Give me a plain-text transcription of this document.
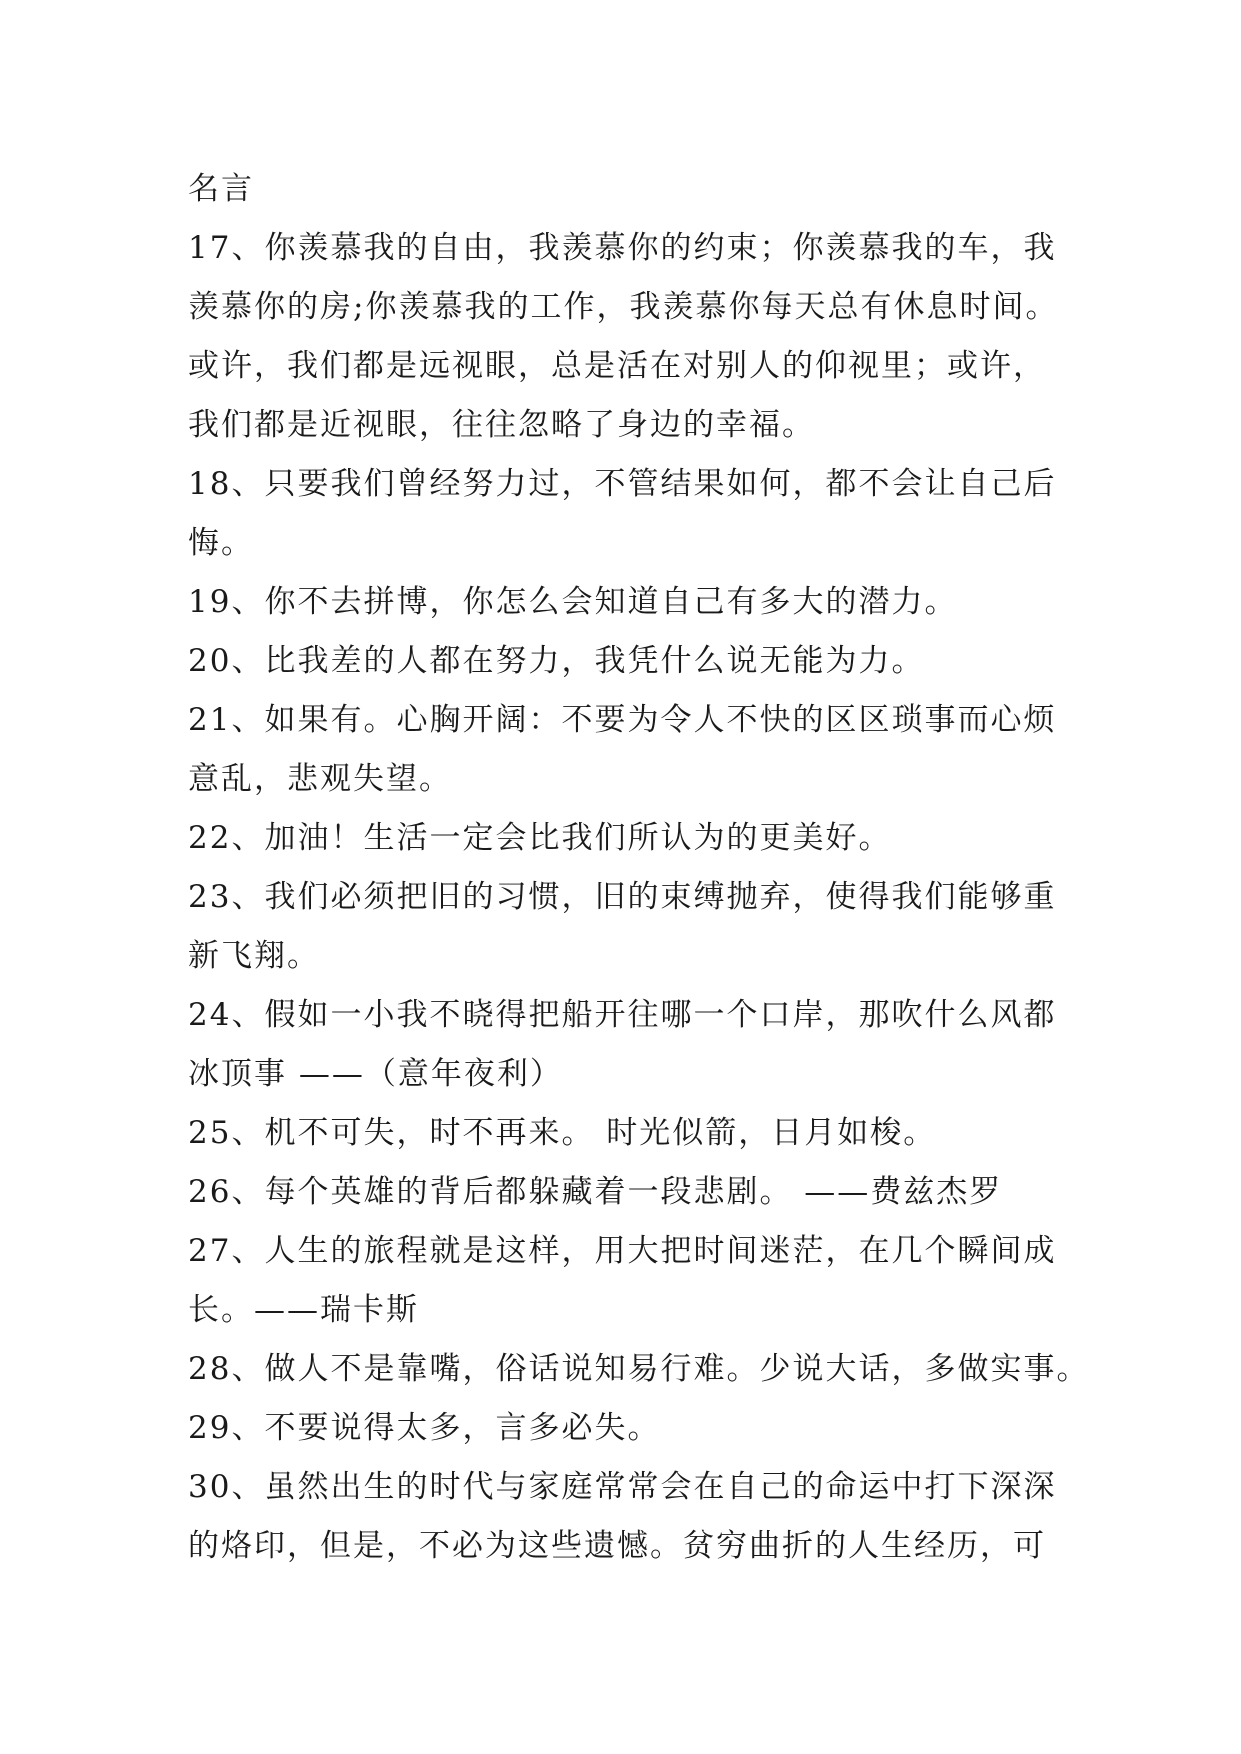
名言
17、你羡慕我的自由，我羡慕你的约束；你羡慕我的车，我
羡慕你的房;你羡慕我的工作，我羡慕你每天总有休息时间。
或许，我们都是远视眼，总是活在对别人的仰视里；或许，
我们都是近视眼，往往忽略了身边的幸福。
18、只要我们曾经努力过，不管结果如何，都不会让自己后
悔。
19、你不去拼博，你怎么会知道自己有多大的潜力。
20、比我差的人都在努力，我凭什么说无能为力。
21、如果有。心胸开阔：不要为令人不快的区区琐事而心烦
意乱，悲观失望。
22、加油！生活一定会比我们所认为的更美好。
23、我们必须把旧的习惯，旧的束缚抛弃，使得我们能够重
新飞翔。
24、假如一小我不晓得把船开往哪一个口岸，那吹什么风都
冰顶事 ——（意年夜利）
25、机不可失，时不再来。 时光似箭，日月如梭。
26、每个英雄的背后都躲藏着一段悲剧。 ——费兹杰罗
27、人生的旅程就是这样，用大把时间迷茫，在几个瞬间成
长。——瑞卡斯
28、做人不是靠嘴，俗话说知易行难。少说大话，多做实事。
29、不要说得太多，言多必失。
30、虽然出生的时代与家庭常常会在自己的命运中打下深深
的烙印，但是，不必为这些遗憾。贫穷曲折的人生经历，可
